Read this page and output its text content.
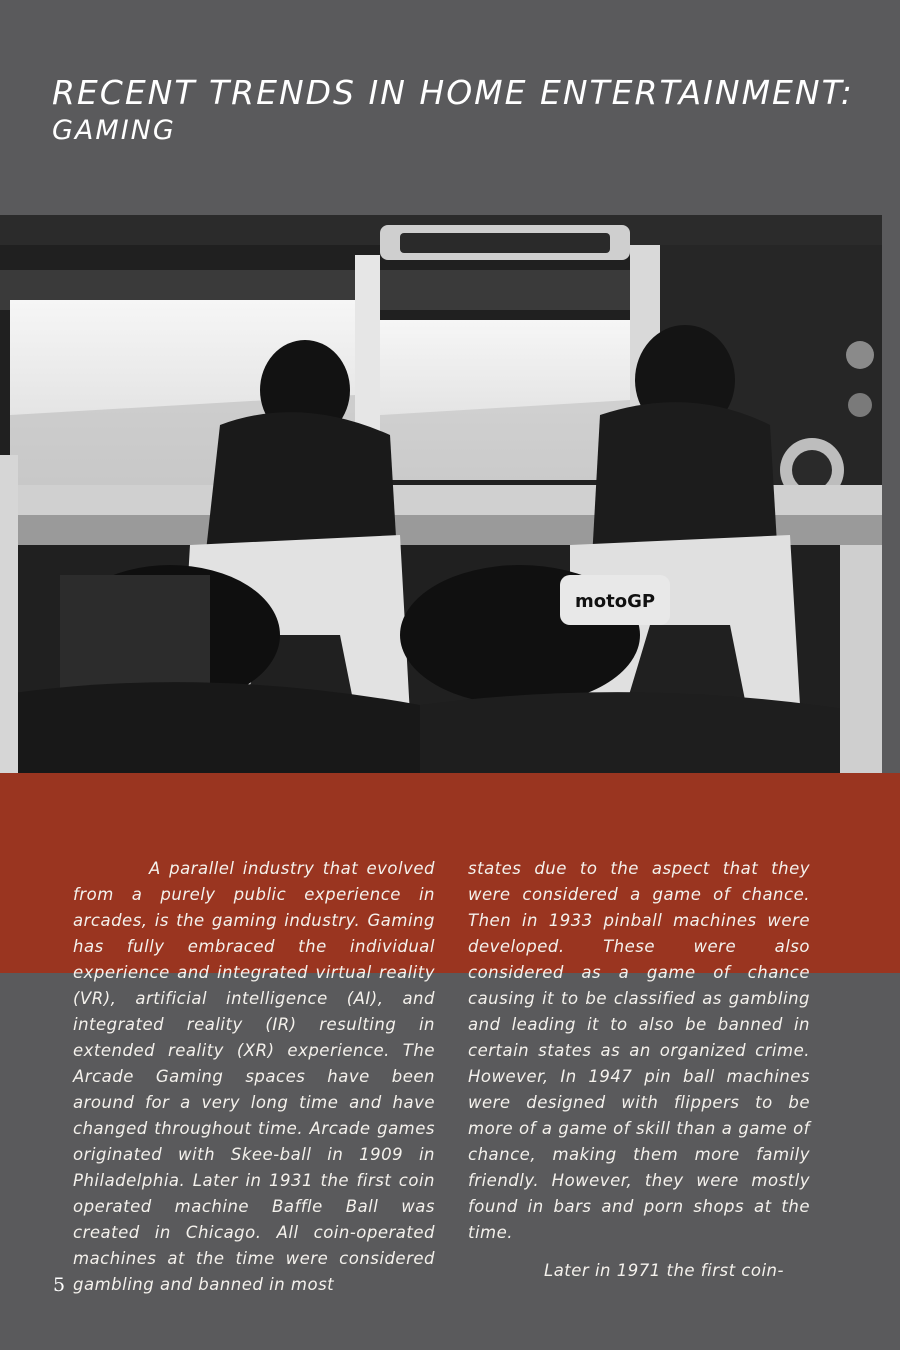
RECENT TRENDS IN HOME ENTERTAINMENT:
GAMING
motoGP

A parallel industry that evolved from a purely public experience in arcades, is the gaming industry. Gaming has fully embraced the individual experience and integrated virtual reality (VR), artificial intelligence (AI), and integrated reality (IR) resulting in extended reality (XR) experience. The Arcade Gaming spaces have been around for a very long time and have changed throughout time. Arcade games originated with Skee-ball in 1909 in Philadelphia. Later in 1931 the first coin operated machine Baffle Ball was created in Chicago. All coin-operated machines at the time were considered gambling and banned in most

states due to the aspect that they were considered a game of chance. Then in 1933 pinball machines were developed. These were also considered as a game of chance causing it to be classified as gambling and leading it to also be banned in certain states as an organized crime. However, In 1947 pin ball machines were designed with flippers to be more of a game of skill than a game of chance, making them more family friendly. However, they were mostly found in bars and porn shops at the time.

Later in 1971 the first coin-

5
